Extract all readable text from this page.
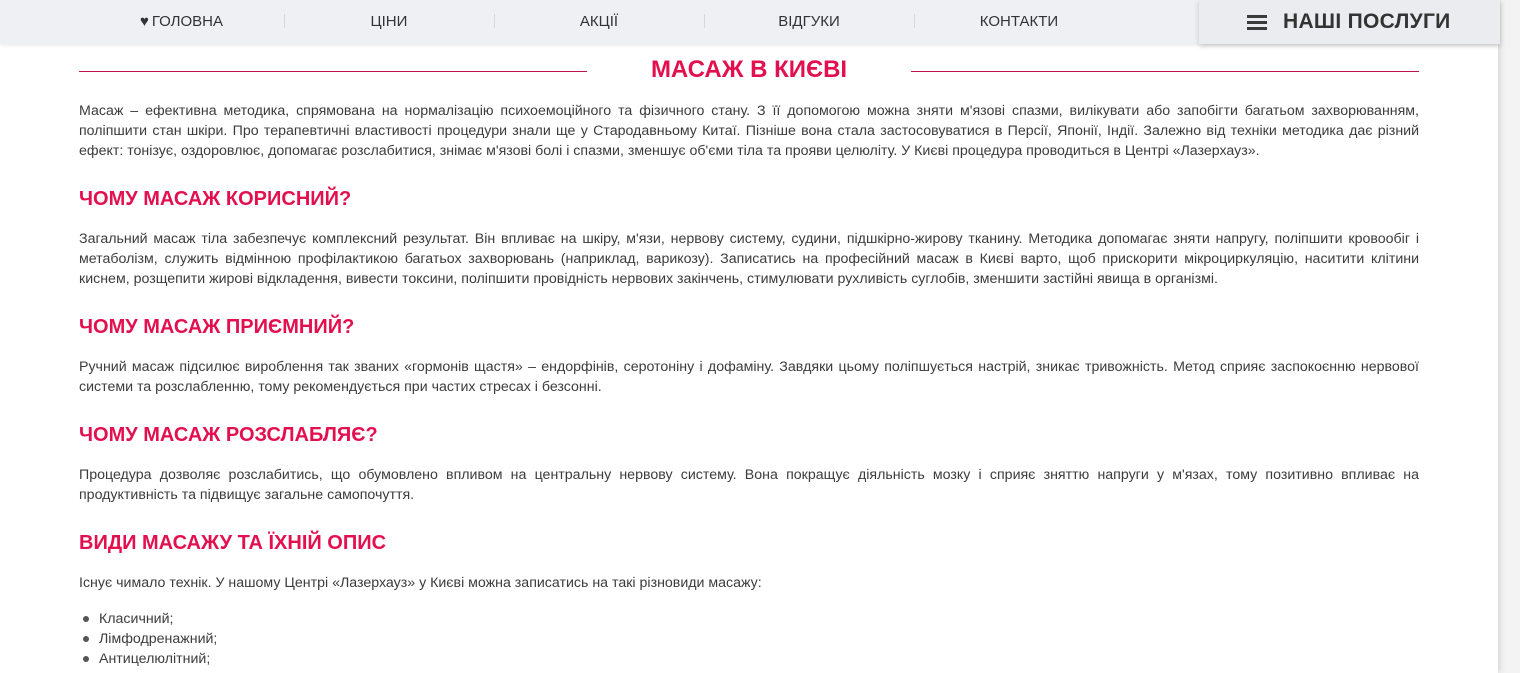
♥ ГОЛОВНА	ЦІНИ	АКЦІЇ	ВІДГУКИ	КОНТАКТИ	НАШІ ПОСЛУГИ
МАСАЖ В КИЄВІ

Масаж – ефективна методика, спрямована на нормалізацію психоемоційного та фізичного стану. З її допомогою можна зняти м'язові спазми, вилікувати або запобігти багатьом захворюванням, поліпшити стан шкіри. Про терапевтичні властивості процедури знали ще у Стародавньому Китаї. Пізніше вона стала застосовуватися в Персії, Японії, Індії. Залежно від техніки методика дає різний ефект: тонізує, оздоровлює, допомагає розслабитися, знімає м'язові болі і спазми, зменшує об'єми тіла та прояви целюліту. У Києві процедура проводиться в Центрі «Лазерхауз».

ЧОМУ МАСАЖ КОРИСНИЙ?

Загальний масаж тіла забезпечує комплексний результат. Він впливає на шкіру, м'язи, нервову систему, судини, підшкірно-жирову тканину. Методика допомагає зняти напругу, поліпшити кровообіг і метаболізм, служить відмінною профілактикою багатьох захворювань (наприклад, варикозу). Записатись на професійний масаж в Києві варто, щоб прискорити мікроциркуляцію, наситити клітини киснем, розщепити жирові відкладення, вивести токсини, поліпшити провідність нервових закінчень, стимулювати рухливість суглобів, зменшити застійні явища в організмі.

ЧОМУ МАСАЖ ПРИЄМНИЙ?

Ручний масаж підсилює вироблення так званих «гормонів щастя» – ендорфінів, серотоніну і дофаміну. Завдяки цьому поліпшується настрій, зникає тривожність. Метод сприяє заспокоєнню нервової системи та розслабленню, тому рекомендується при частих стресах і безсонні.

ЧОМУ МАСАЖ РОЗСЛАБЛЯЄ?

Процедура дозволяє розслабитись, що обумовлено впливом на центральну нервову систему. Вона покращує діяльність мозку і сприяє зняттю напруги у м'язах, тому позитивно впливає на продуктивність та підвищує загальне самопочуття.

ВИДИ МАСАЖУ ТА ЇХНІЙ ОПИС

Існує чимало технік. У нашому Центрі «Лазерхауз» у Києві можна записатись на такі різновиди масажу:

Класичний;
Лімфодренажний;
Антицелюлітний;
